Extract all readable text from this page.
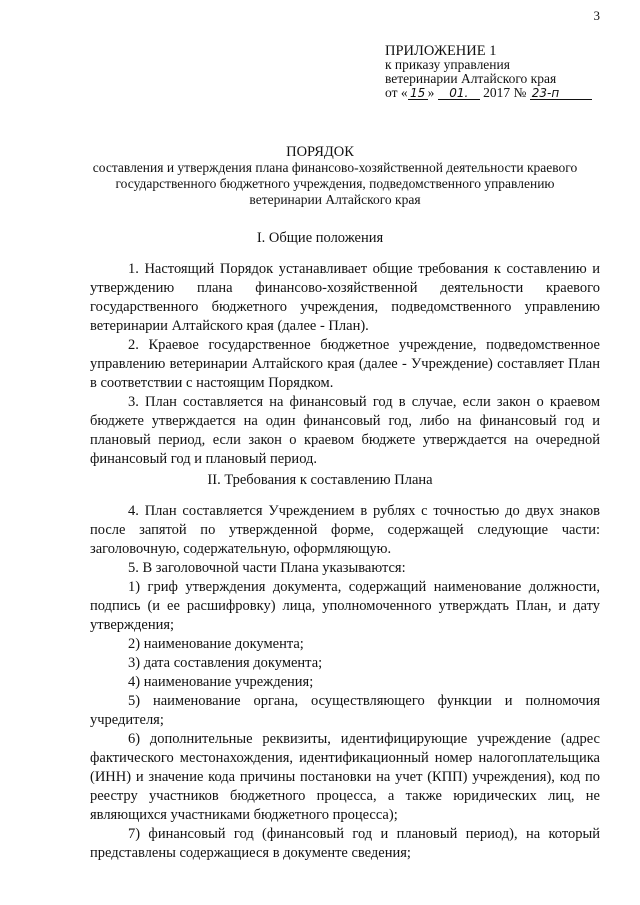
3
ПРИЛОЖЕНИЕ 1
к приказу управления
ветеринарии Алтайского края
от « 15 » 01. 2017 № 23-п
ПОРЯДОК
составления и утверждения плана финансово-хозяйственной деятельности краевого государственного бюджетного учреждения, подведомственного управлению ветеринарии Алтайского края
I. Общие положения

1. Настоящий Порядок устанавливает общие требования к составлению и утверждению плана финансово-хозяйственной деятельности краевого государственного бюджетного учреждения, подведомственного управлению ветеринарии Алтайского края (далее - План).

2. Краевое государственное бюджетное учреждение, подведомственное управлению ветеринарии Алтайского края (далее - Учреждение) составляет План в соответствии с настоящим Порядком.

3. План составляется на финансовый год в случае, если закон о краевом бюджете утверждается на один финансовый год, либо на финансовый год и плановый период, если закон о краевом бюджете утверждается на очередной финансовый год и плановый период.

II. Требования к составлению Плана

4. План составляется Учреждением в рублях с точностью до двух знаков после запятой по утвержденной форме, содержащей следующие части: заголовочную, содержательную, оформляющую.

5. В заголовочной части Плана указываются:

1) гриф утверждения документа, содержащий наименование должности, подпись (и ее расшифровку) лица, уполномоченного утверждать План, и дату утверждения;

2) наименование документа;

3) дата составления документа;

4) наименование учреждения;

5) наименование органа, осуществляющего функции и полномочия учредителя;

6) дополнительные реквизиты, идентифицирующие учреждение (адрес фактического местонахождения, идентификационный номер налогоплательщика (ИНН) и значение кода причины постановки на учет (КПП) учреждения), код по реестру участников бюджетного процесса, а также юридических лиц, не являющихся участниками бюджетного процесса);

7) финансовый год (финансовый год и плановый период), на который представлены содержащиеся в документе сведения;
